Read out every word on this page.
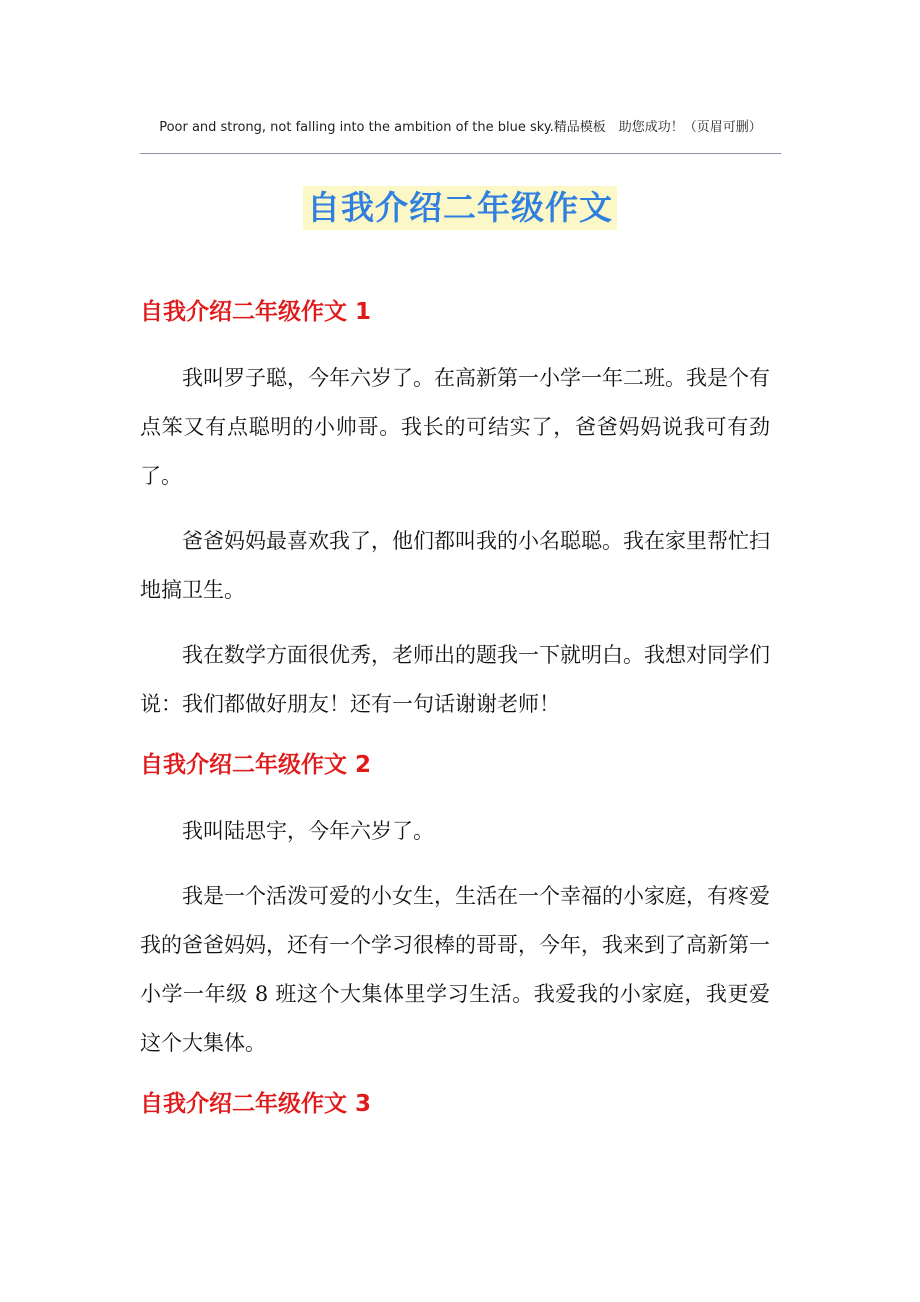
Poor and strong, not falling into the ambition of the blue sky.精品模板　助您成功！（页眉可删）
自我介绍二年级作文
自我介绍二年级作文 1

我叫罗子聪，今年六岁了。在高新第一小学一年二班。我是个有点笨又有点聪明的小帅哥。我长的可结实了，爸爸妈妈说我可有劲了。

爸爸妈妈最喜欢我了，他们都叫我的小名聪聪。我在家里帮忙扫地搞卫生。

我在数学方面很优秀，老师出的题我一下就明白。我想对同学们说：我们都做好朋友！还有一句话谢谢老师！

自我介绍二年级作文 2

我叫陆思宇，今年六岁了。

我是一个活泼可爱的小女生，生活在一个幸福的小家庭，有疼爱我的爸爸妈妈，还有一个学习很棒的哥哥，今年，我来到了高新第一小学一年级 8 班这个大集体里学习生活。我爱我的小家庭，我更爱这个大集体。

自我介绍二年级作文 3
